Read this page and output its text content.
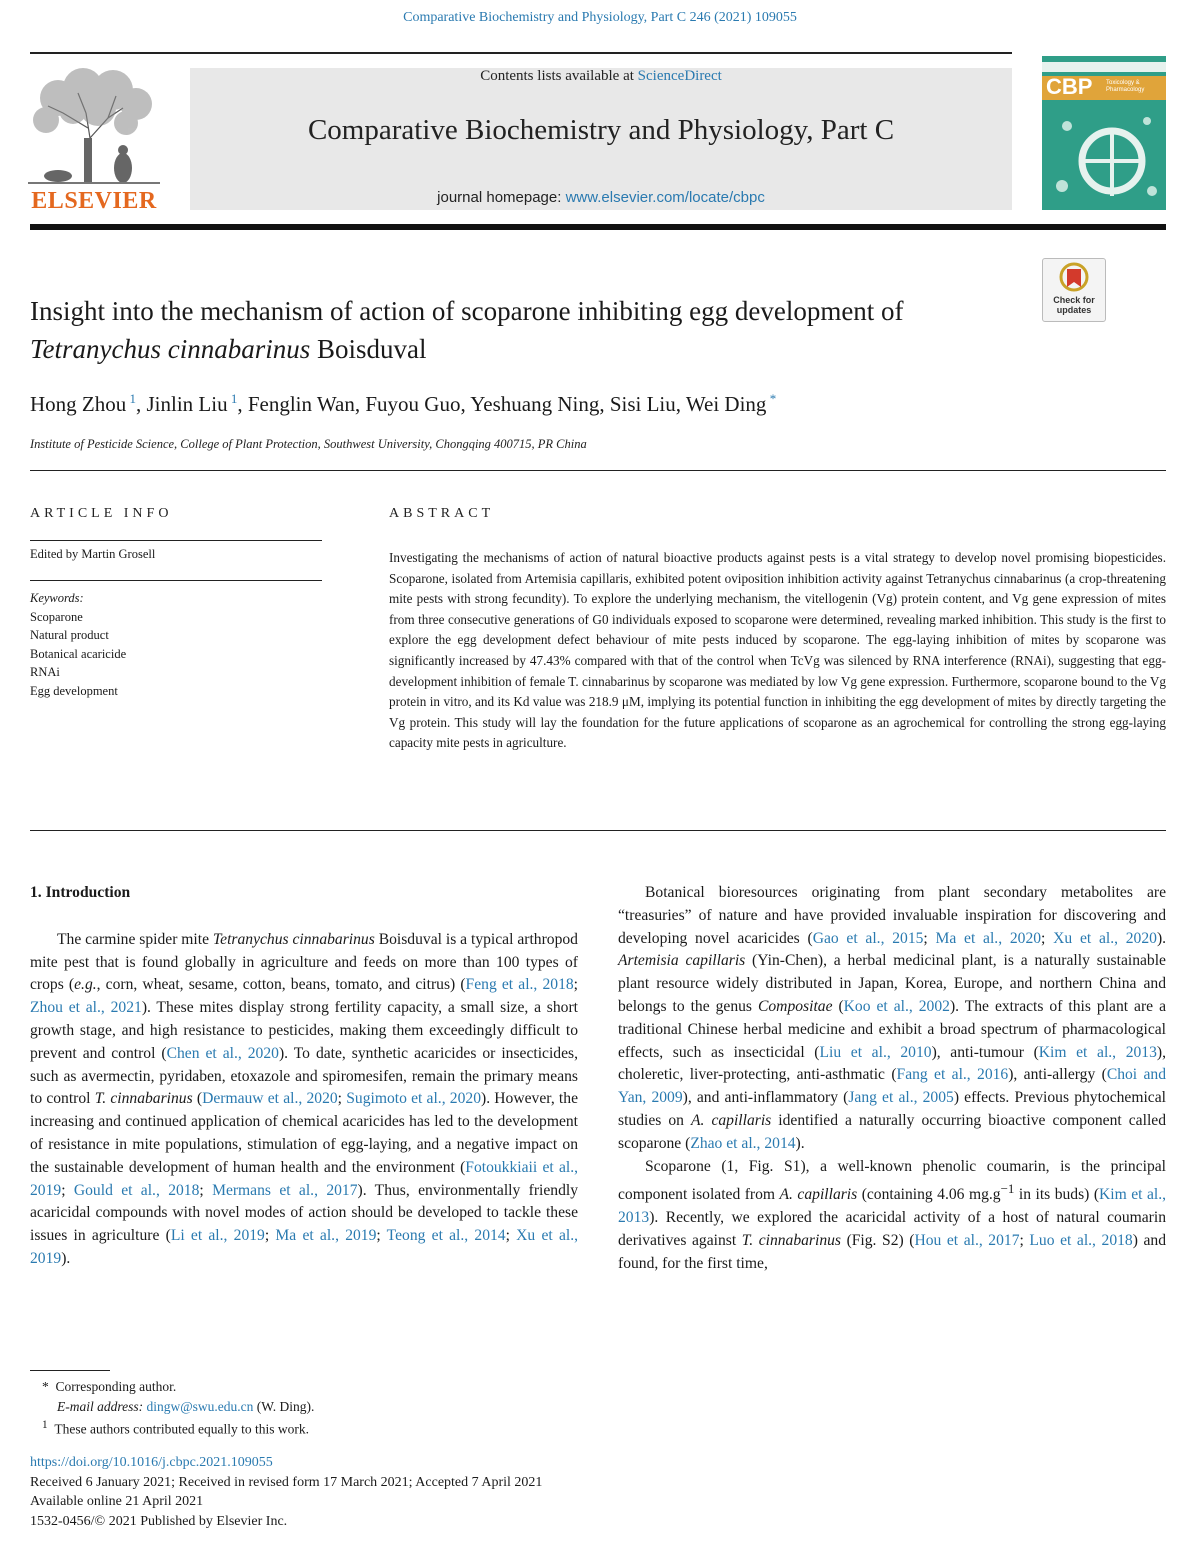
Comparative Biochemistry and Physiology, Part C 246 (2021) 109055
ELSEVIER
Contents lists available at ScienceDirect
Comparative Biochemistry and Physiology, Part C
journal homepage: www.elsevier.com/locate/cbpc
CBP Toxicology & Pharmacology
Check for
updates
Insight into the mechanism of action of scoparone inhibiting egg development of Tetranychus cinnabarinus Boisduval
Hong Zhou $^1$, Jinlin Liu $^1$, Fenglin Wan, Fuyou Guo, Yeshuang Ning, Sisi Liu, Wei Ding *
Institute of Pesticide Science, College of Plant Protection, Southwest University, Chongqing 400715, PR China
ARTICLE INFO
Edited by Martin Grosell
Keywords:
Scoparone
Natural product
Botanical acaricide
RNAi
Egg development
ABSTRACT
Investigating the mechanisms of action of natural bioactive products against pests is a vital strategy to develop novel promising biopesticides. Scoparone, isolated from Artemisia capillaris, exhibited potent oviposition inhibition activity against Tetranychus cinnabarinus (a crop-threatening mite pests with strong fecundity). To explore the underlying mechanism, the vitellogenin (Vg) protein content, and Vg gene expression of mites from three consecutive generations of G0 individuals exposed to scoparone were determined, revealing marked inhibition. This study is the first to explore the egg development defect behaviour of mite pests induced by scoparone. The egg-laying inhibition of mites by scoparone was significantly increased by 47.43% compared with that of the control when TcVg was silenced by RNA interference (RNAi), suggesting that egg-development inhibition of female T. cinnabarinus by scoparone was mediated by low Vg gene expression. Furthermore, scoparone bound to the Vg protein in vitro, and its Kd value was 218.9 μM, implying its potential function in inhibiting the egg development of mites by directly targeting the Vg protein. This study will lay the foundation for the future applications of scoparone as an agrochemical for controlling the strong egg-laying capacity mite pests in agriculture.
1. Introduction

The carmine spider mite Tetranychus cinnabarinus Boisduval is a typical arthropod mite pest that is found globally in agriculture and feeds on more than 100 types of crops (e.g., corn, wheat, sesame, cotton, beans, tomato, and citrus) (Feng et al., 2018; Zhou et al., 2021). These mites display strong fertility capacity, a small size, a short growth stage, and high resistance to pesticides, making them exceedingly difficult to prevent and control (Chen et al., 2020). To date, synthetic acaricides or insecticides, such as avermectin, pyridaben, etoxazole and spiromesifen, remain the primary means to control T. cinnabarinus (Dermauw et al., 2020; Sugimoto et al., 2020). However, the increasing and continued application of chemical acaricides has led to the development of resistance in mite populations, stimulation of egg-laying, and a negative impact on the sustainable development of human health and the environment (Fotoukkiaii et al., 2019; Gould et al., 2018; Mermans et al., 2017). Thus, environmentally friendly acaricidal compounds with novel modes of action should be developed to tackle these issues in agriculture (Li et al., 2019; Ma et al., 2019; Teong et al., 2014; Xu et al., 2019).

Botanical bioresources originating from plant secondary metabolites are “treasuries” of nature and have provided invaluable inspiration for discovering and developing novel acaricides (Gao et al., 2015; Ma et al., 2020; Xu et al., 2020). Artemisia capillaris (Yin-Chen), a herbal medicinal plant, is a naturally sustainable plant resource widely distributed in Japan, Korea, Europe, and northern China and belongs to the genus Compositae (Koo et al., 2002). The extracts of this plant are a traditional Chinese herbal medicine and exhibit a broad spectrum of pharmacological effects, such as insecticidal (Liu et al., 2010), anti-tumour (Kim et al., 2013), choleretic, liver-protecting, anti-asthmatic (Fang et al., 2016), anti-allergy (Choi and Yan, 2009), and anti-inflammatory (Jang et al., 2005) effects. Previous phytochemical studies on A. capillaris identified a naturally occurring bioactive component called scoparone (Zhao et al., 2014).

Scoparone (1, Fig. S1), a well-known phenolic coumarin, is the principal component isolated from A. capillaris (containing 4.06 $mg.g^{-1}$ in its buds) (Kim et al., 2013). Recently, we explored the acaricidal activity of a host of natural coumarin derivatives against T. cinnabarinus (Fig. S2) (Hou et al., 2017; Luo et al., 2018) and found, for the first time,

* Corresponding author.
E-mail address: dingw@swu.edu.cn (W. Ding).
$^1$ These authors contributed equally to this work.
https://doi.org/10.1016/j.cbpc.2021.109055
Received 6 January 2021; Received in revised form 17 March 2021; Accepted 7 April 2021
Available online 21 April 2021
1532-0456/© 2021 Published by Elsevier Inc.
